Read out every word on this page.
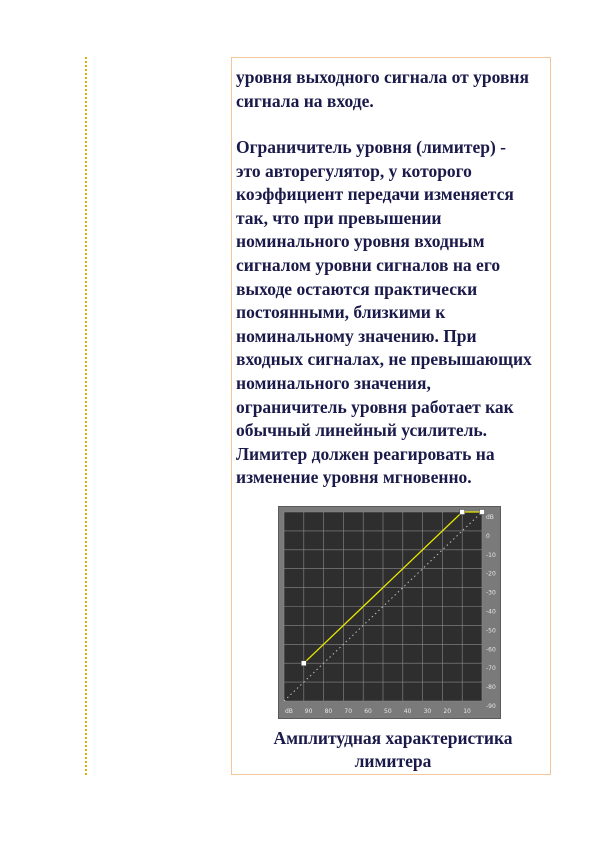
уровня выходного сигнала от уровня
сигнала на входе.

Ограничитель уровня (лимитер) -
это авторегулятор, у которого
коэффициент передачи изменяется
так, что при превышении
номинального уровня входным
сигналом уровни сигналов на его
выходе остаются практически
постоянными, близкими к
номинальному значению. При
входных сигналах, не превышающих
номинального значения,
ограничитель уровня работает как
обычный линейный усилитель.
Лимитер должен реагировать на
изменение уровня мгновенно.

dB
0
-10
-20
-30
-40
-50
-60
-70
-80
-90
dB 90 80 70 60 50 40 30 20 10
Амплитудная характеристика
лимитера
